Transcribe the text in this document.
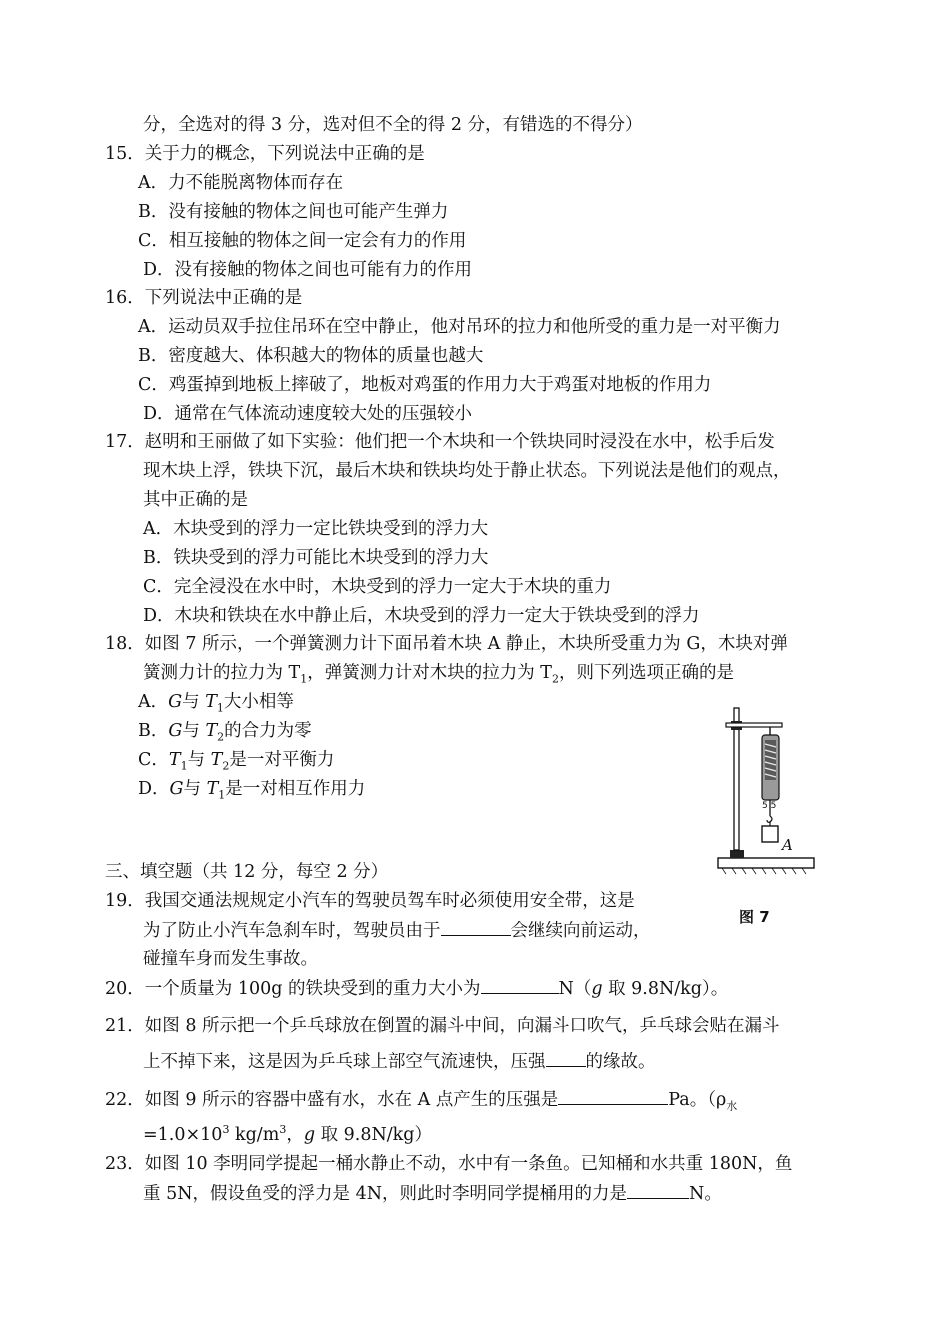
分，全选对的得 3 分，选对但不全的得 2 分，有错选的不得分）
15．关于力的概念，下列说法中正确的是
A．力不能脱离物体而存在
B．没有接触的物体之间也可能产生弹力
C．相互接触的物体之间一定会有力的作用
D．没有接触的物体之间也可能有力的作用
16．下列说法中正确的是
A．运动员双手拉住吊环在空中静止，他对吊环的拉力和他所受的重力是一对平衡力
B．密度越大、体积越大的物体的质量也越大
C．鸡蛋掉到地板上摔破了，地板对鸡蛋的作用力大于鸡蛋对地板的作用力
D．通常在气体流动速度较大处的压强较小
17．赵明和王丽做了如下实验：他们把一个木块和一个铁块同时浸没在水中，松手后发
现木块上浮，铁块下沉，最后木块和铁块均处于静止状态。下列说法是他们的观点，
其中正确的是
A．木块受到的浮力一定比铁块受到的浮力大
B．铁块受到的浮力可能比木块受到的浮力大
C．完全浸没在水中时，木块受到的浮力一定大于木块的重力
D．木块和铁块在水中静止后，木块受到的浮力一定大于铁块受到的浮力
18．如图 7 所示，一个弹簧测力计下面吊着木块 A 静止，木块所受重力为 G，木块对弹
簧测力计的拉力为 $T_1$，弹簧测力计对木块的拉力为 $T_2$，则下列选项正确的是
A．G与 $T_1$大小相等
B．G与 $T_2$的合力为零
C．$T_1$与 $T_2$是一对平衡力
D．G与 $T_1$是一对相互作用力
5 5
A
图 7
三、填空题（共 12 分，每空 2 分）
19．我国交通法规规定小汽车的驾驶员驾车时必须使用安全带，这是
为了防止小汽车急刹车时，驾驶员由于	会继续向前运动，
碰撞车身而发生事故。
20．一个质量为 100g 的铁块受到的重力大小为	N（g 取 9.8N/kg）。
21．如图 8 所示把一个乒乓球放在倒置的漏斗中间，向漏斗口吹气，乒乓球会贴在漏斗
上不掉下来，这是因为乒乓球上部空气流速快，压强 的缘故。
22．如图 9 所示的容器中盛有水，水在 A 点产生的压强是	Pa。（$\rho_水$
$=1.0\times 10^3$ $kg/m^3$，g 取 9.8N/kg）
23．如图 10 李明同学提起一桶水静止不动，水中有一条鱼。已知桶和水共重 180N，鱼
重 5N，假设鱼受的浮力是 4N，则此时李明同学提桶用的力是	N。
